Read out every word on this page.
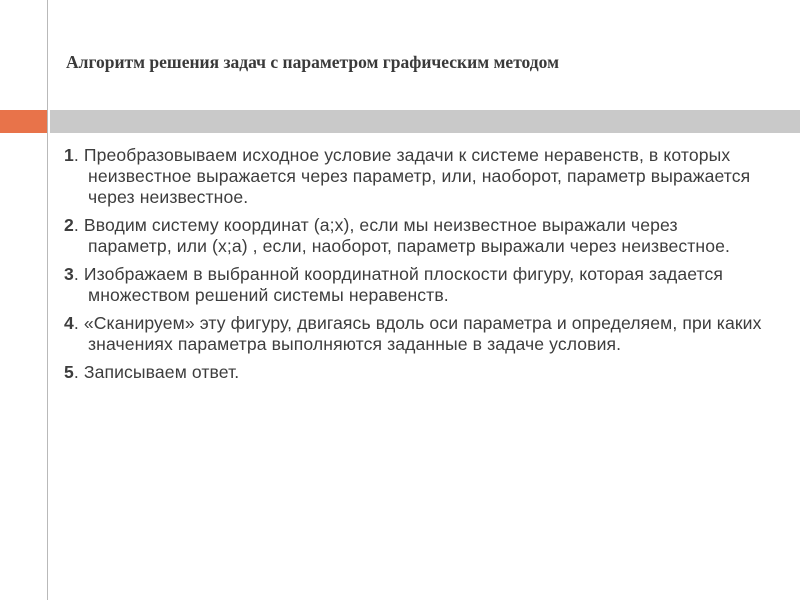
Алгоритм решения задач с параметром графическим методом

1. Преобразовываем исходное условие задачи к системе неравенств, в которых неизвестное выражается через параметр, или, наоборот, параметр выражается через неизвестное.

2. Вводим систему координат (a;x), если мы неизвестное выражали через параметр, или (x;a) , если, наоборот, параметр выражали через неизвестное.

3. Изображаем в выбранной координатной плоскости фигуру, которая задается множеством решений системы неравенств.

4. «Сканируем» эту фигуру, двигаясь вдоль оси параметра и определяем, при каких значениях параметра выполняются заданные в задаче условия.

5. Записываем ответ.
